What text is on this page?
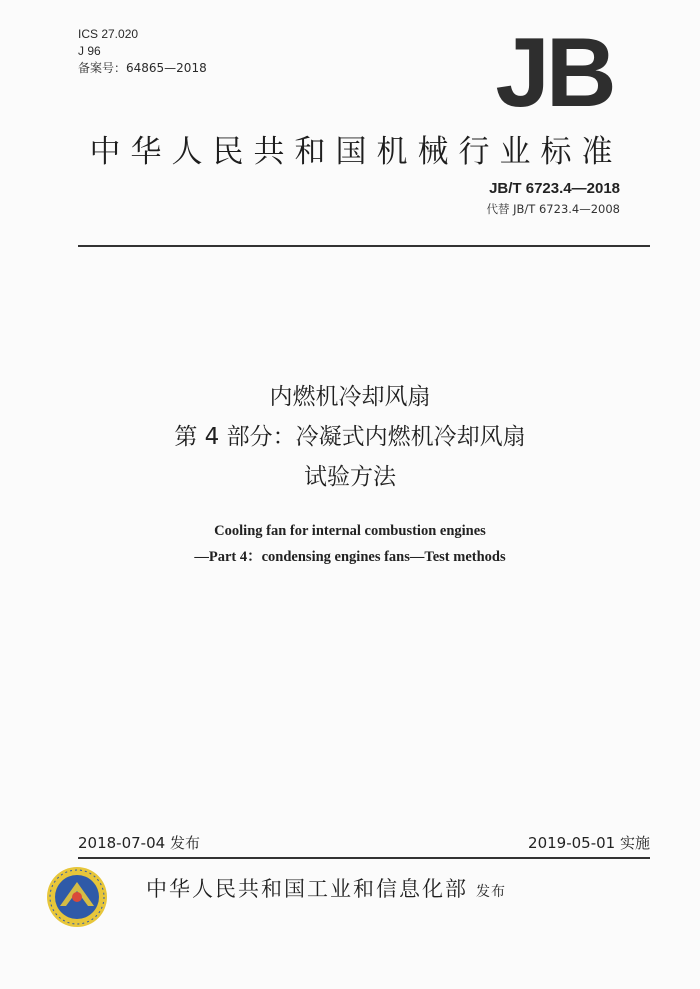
ICS 27.020
J 96
备案号：64865—2018	JB
中华人民共和国机械行业标准
JB/T 6723.4—2018
代替 JB/T 6723.4—2008
内燃机冷却风扇
第 4 部分：冷凝式内燃机冷却风扇
试验方法
Cooling fan for internal combustion engines
—Part 4：condensing engines fans—Test methods
2018-07-04 发布	2019-05-01 实施
中华人民共和国工业和信息化部 发布
